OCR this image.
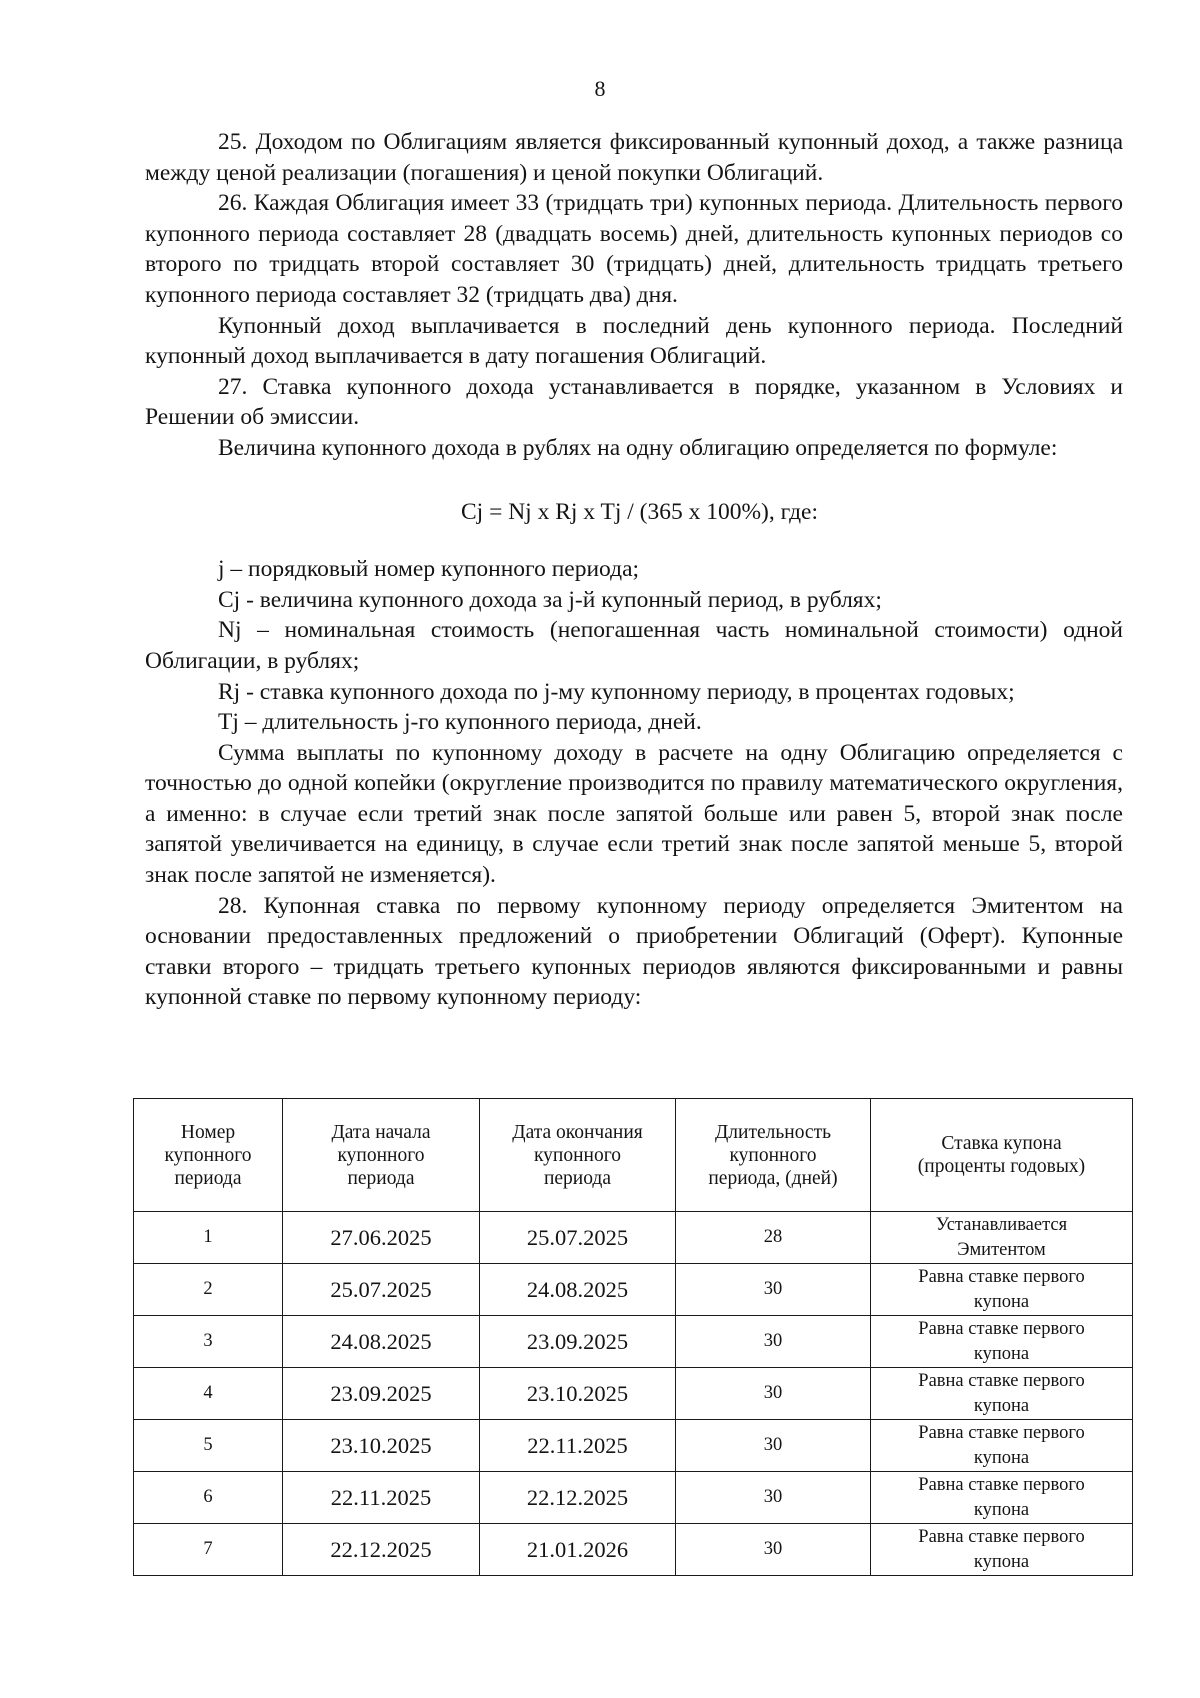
8

25. Доходом по Облигациям является фиксированный купонный доход, а также разница между ценой реализации (погашения) и ценой покупки Облигаций.

26. Каждая Облигация имеет 33 (тридцать три) купонных периода. Длительность первого купонного периода составляет 28 (двадцать восемь) дней, длительность купонных периодов со второго по тридцать второй составляет 30 (тридцать) дней, длительность тридцать третьего купонного периода составляет 32 (тридцать два) дня.

Купонный доход выплачивается в последний день купонного периода. Последний купонный доход выплачивается в дату погашения Облигаций.

27. Ставка купонного дохода устанавливается в порядке, указанном в Условиях и Решении об эмиссии.

Величина купонного дохода в рублях на одну облигацию определяется по формуле:

Cj = Nj x Rj x Tj / (365 x 100%), где:

j – порядковый номер купонного периода;

Cj - величина купонного дохода за j-й купонный период, в рублях;

Nj – номинальная стоимость (непогашенная часть номинальной стоимости) одной Облигации, в рублях;

Rj - ставка купонного дохода по j-му купонному периоду, в процентах годовых;

Tj – длительность j-го купонного периода, дней.

Сумма выплаты по купонному доходу в расчете на одну Облигацию определяется с точностью до одной копейки (округление производится по правилу математического округления, а именно: в случае если третий знак после запятой больше или равен 5, второй знак после запятой увеличивается на единицу, в случае если третий знак после запятой меньше 5, второй знак после запятой не изменяется).

28. Купонная ставка по первому купонному периоду определяется Эмитентом на основании предоставленных предложений о приобретении Облигаций (Оферт). Купонные ставки второго – тридцать третьего купонных периодов являются фиксированными и равны купонной ставке по первому купонному периоду:

Номер
купонного
периода	Дата начала
купонного
периода	Дата окончания
купонного
периода	Длительность
купонного
периода, (дней)	Ставка купона
(проценты годовых)

1	27.06.2025	25.07.2025	28	Устанавливается
Эмитентом
2	25.07.2025	24.08.2025	30	Равна ставке первого
купона
3	24.08.2025	23.09.2025	30	Равна ставке первого
купона
4	23.09.2025	23.10.2025	30	Равна ставке первого
купона
5	23.10.2025	22.11.2025	30	Равна ставке первого
купона
6	22.11.2025	22.12.2025	30	Равна ставке первого
купона
7	22.12.2025	21.01.2026	30	Равна ставке первого
купона
